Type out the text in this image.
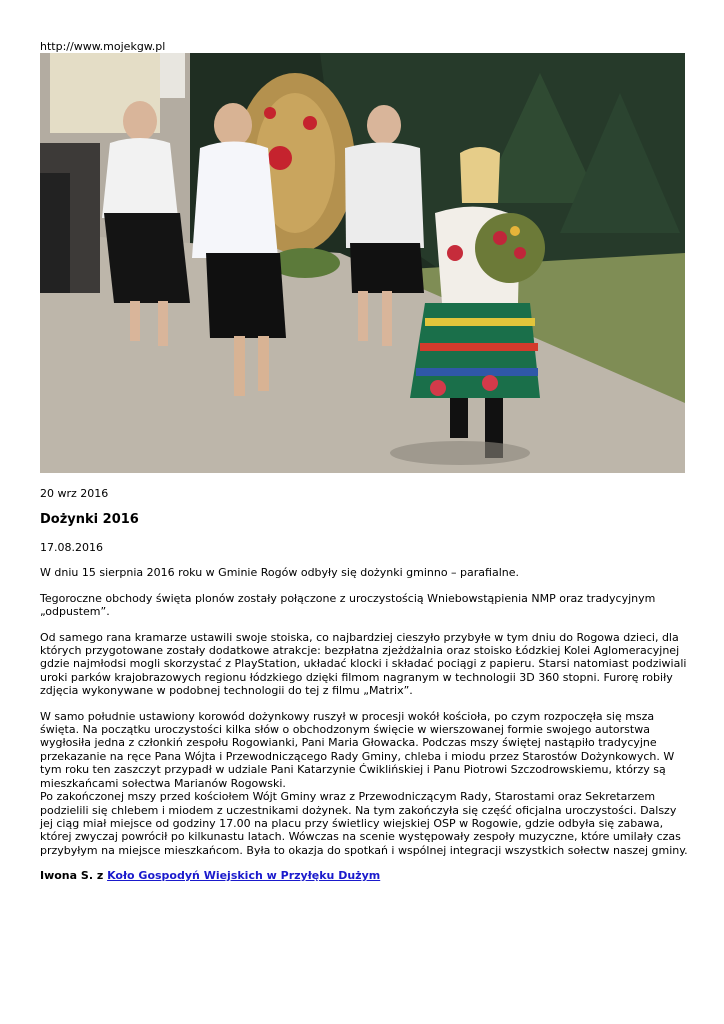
http://www.mojekgw.pl
20 wrz 2016
Dożynki 2016

17.08.2016

W dniu 15 sierpnia 2016 roku w Gminie Rogów odbyły się dożynki gminno – parafialne.

Tegoroczne obchody święta plonów zostały połączone z uroczystością Wniebowstąpienia NMP oraz tradycyjnym „odpustem”.

Od samego rana kramarze ustawili swoje stoiska, co najbardziej cieszyło przybyłe w tym dniu do Rogowa dzieci, dla których przygotowane zostały dodatkowe atrakcje: bezpłatna zjeżdżalnia oraz stoisko Łódzkiej Kolei Aglomeracyjnej gdzie najmłodsi mogli skorzystać z PlayStation, układać klocki i składać pociągi z papieru. Starsi natomiast podziwiali uroki parków krajobrazowych regionu łódzkiego dzięki filmom nagranym w technologii 3D 360 stopni. Furorę robiły zdjęcia wykonywane w podobnej technologii do tej z filmu „Matrix”.

W samo południe ustawiony korowód dożynkowy ruszył w procesji wokół kościoła, po czym rozpoczęła się msza święta. Na początku uroczystości kilka słów o obchodzonym święcie w wierszowanej formie swojego autorstwa wygłosiła jedna z członkiń zespołu Rogowianki, Pani Maria Głowacka. Podczas mszy świętej nastąpiło tradycyjne przekazanie na ręce Pana Wójta i Przewodniczącego Rady Gminy, chleba i miodu przez Starostów Dożynkowych. W tym roku ten zaszczyt przypadł w udziale Pani Katarzynie Ćwiklińskiej i Panu Piotrowi Szczodrowskiemu, którzy są mieszkańcami sołectwa Marianów Rogowski.

Po zakończonej mszy przed kościołem Wójt Gminy wraz z Przewodniczącym Rady, Starostami oraz Sekretarzem podzielili się chlebem i miodem z uczestnikami dożynek. Na tym zakończyła się część oficjalna uroczystości. Dalszy jej ciąg miał miejsce od godziny 17.00 na placu przy świetlicy wiejskiej OSP w Rogowie, gdzie odbyła się zabawa, której zwyczaj powrócił po kilkunastu latach. Wówczas na scenie występowały zespoły muzyczne, które umilały czas przybyłym na miejsce mieszkańcom. Była to okazja do spotkań i wspólnej integracji wszystkich sołectw naszej gminy.

Iwona S. z Koło Gospodyń Wiejskich w Przyłęku Dużym
